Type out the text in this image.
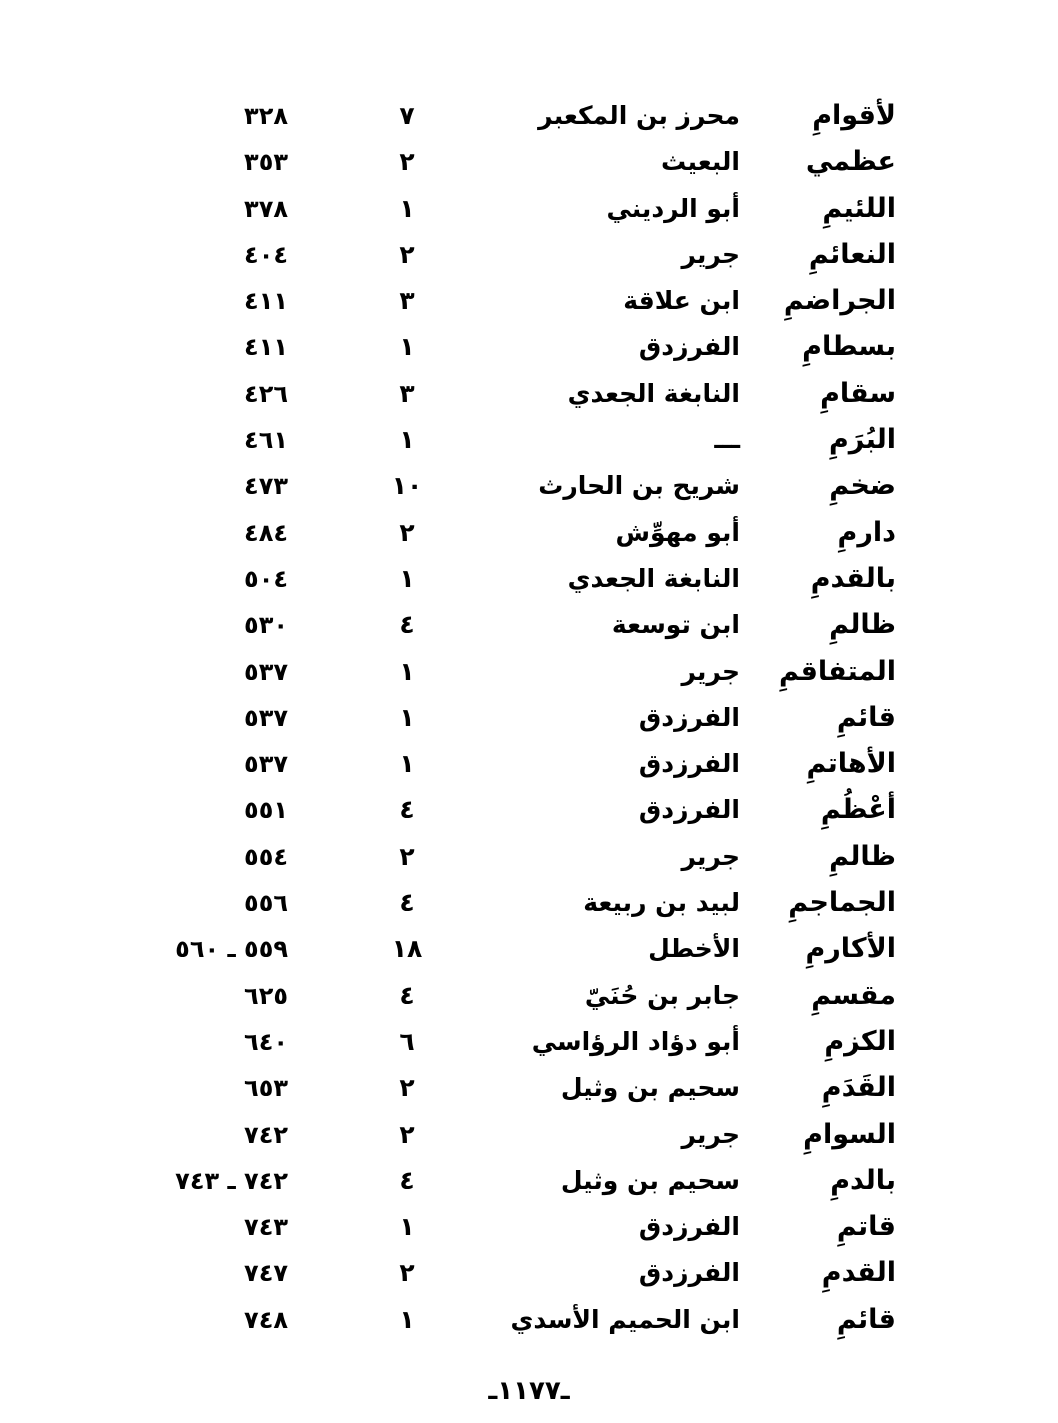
لأقوامِ
محرز بن المكعبر
٧
٣٢٨
عظمي
البعيث
٢
٣٥٣
اللئيمِ
أبو الرديني
١
٣٧٨
النعائمِ
جرير
٢
٤٠٤
الجراضمِ
ابن علاقة
٣
٤١١
بسطامِ
الفرزدق
١
٤١١
سقامِ
النابغة الجعدي
٣
٤٢٦
البُرَمِ
ـــ
١
٤٦١
ضخمِ
شريح بن الحارث
١٠
٤٧٣
دارمِ
أبو مهوِّش
٢
٤٨٤
بالقدمِ
النابغة الجعدي
١
٥٠٤
ظالمِ
ابن توسعة
٤
٥٣٠
المتفاقمِ
جرير
١
٥٣٧
قائمِ
الفرزدق
١
٥٣٧
الأهاتمِ
الفرزدق
١
٥٣٧
أعْظُمِ
الفرزدق
٤
٥٥١
ظالمِ
جرير
٢
٥٥٤
الجماجمِ
لبيد بن ربيعة
٤
٥٥٦
الأكارمِ
الأخطل
١٨
٥٥٩ ـ ٥٦٠
مقسمِ
جابر بن حُنَيّ
٤
٦٢٥
الكزمِ
أبو دؤاد الرؤاسي
٦
٦٤٠
القَدَمِ
سحيم بن وثيل
٢
٦٥٣
السوامِ
جرير
٢
٧٤٢
بالدمِ
سحيم بن وثيل
٤
٧٤٢ ـ ٧٤٣
قاتمِ
الفرزدق
١
٧٤٣
القدمِ
الفرزدق
٢
٧٤٧
قائمِ
ابن الحميم الأسدي
١
٧٤٨
ـ١١٧٧ـ
